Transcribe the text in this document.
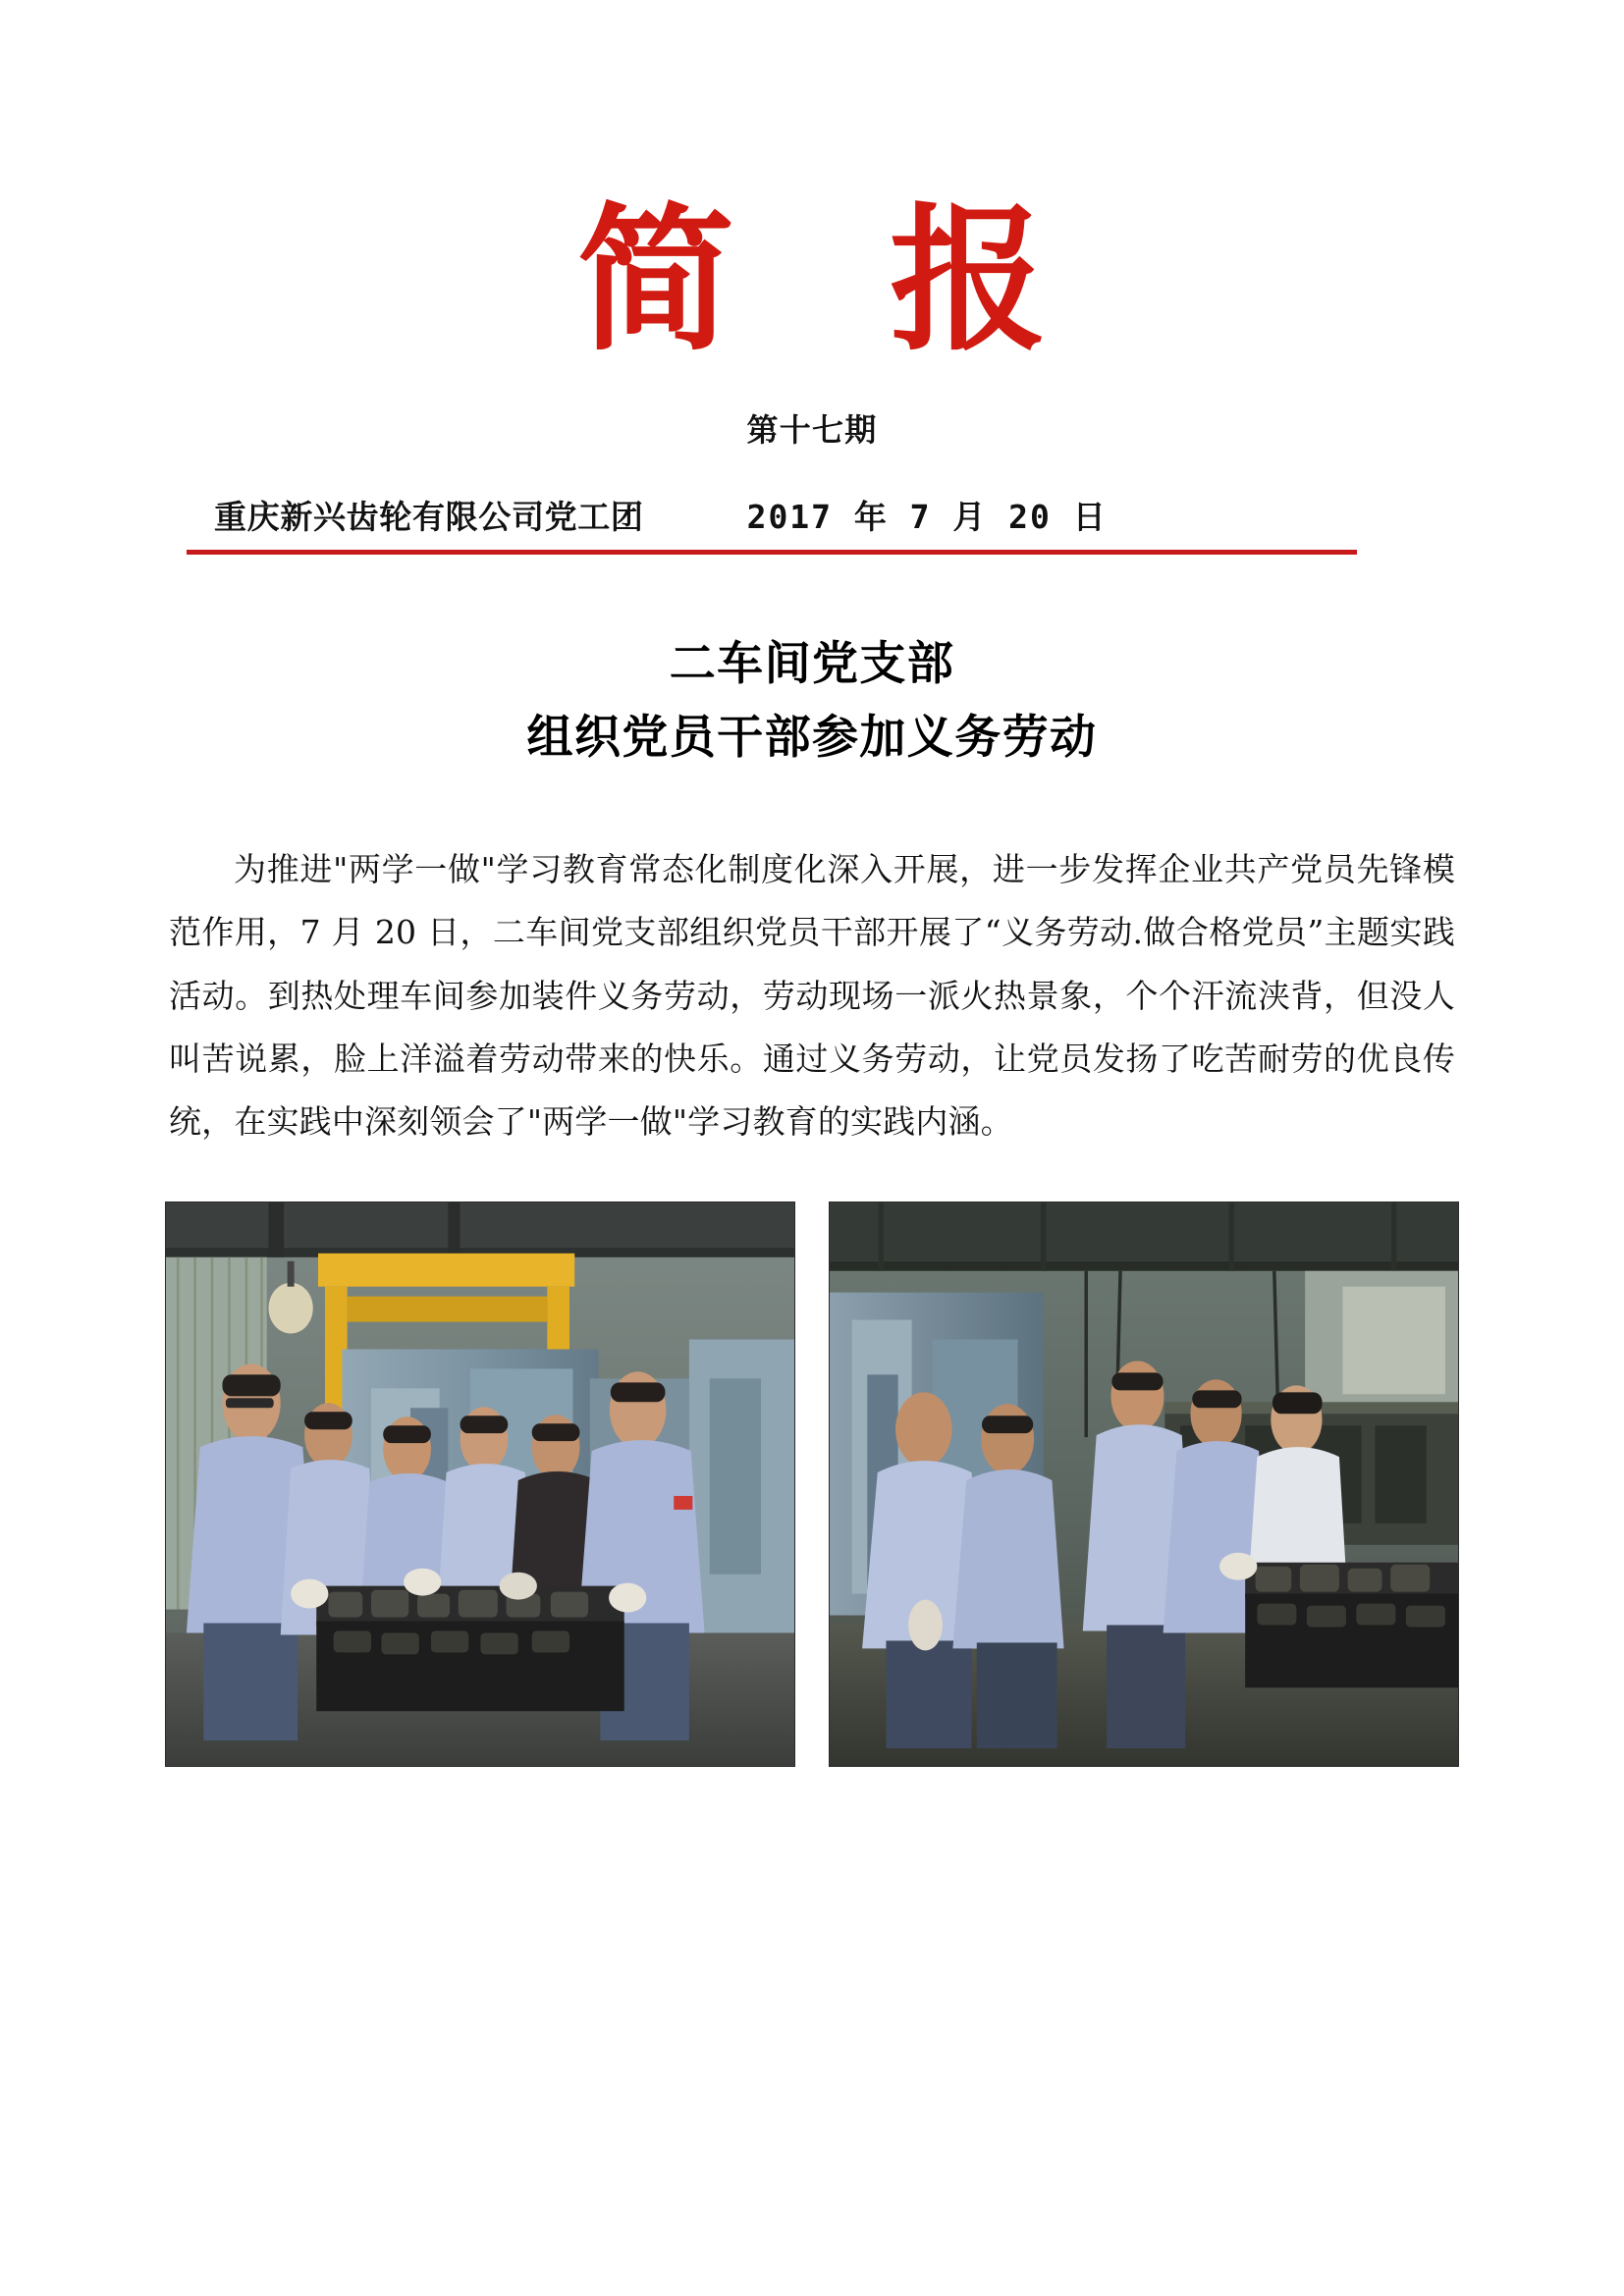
简 报
第十七期
重庆新兴齿轮有限公司党工团	2017 年 7 月 20 日
二车间党支部
组织党员干部参加义务劳动
为推进"两学一做"学习教育常态化制度化深入开展，进一步发挥企业共产党员先锋模范作用，7 月 20 日，二车间党支部组织党员干部开展了“义务劳动.做合格党员”主题实践活动。到热处理车间参加装件义务劳动，劳动现场一派火热景象，个个汗流浃背，但没人叫苦说累，脸上洋溢着劳动带来的快乐。通过义务劳动，让党员发扬了吃苦耐劳的优良传统，在实践中深刻领会了"两学一做"学习教育的实践内涵。
